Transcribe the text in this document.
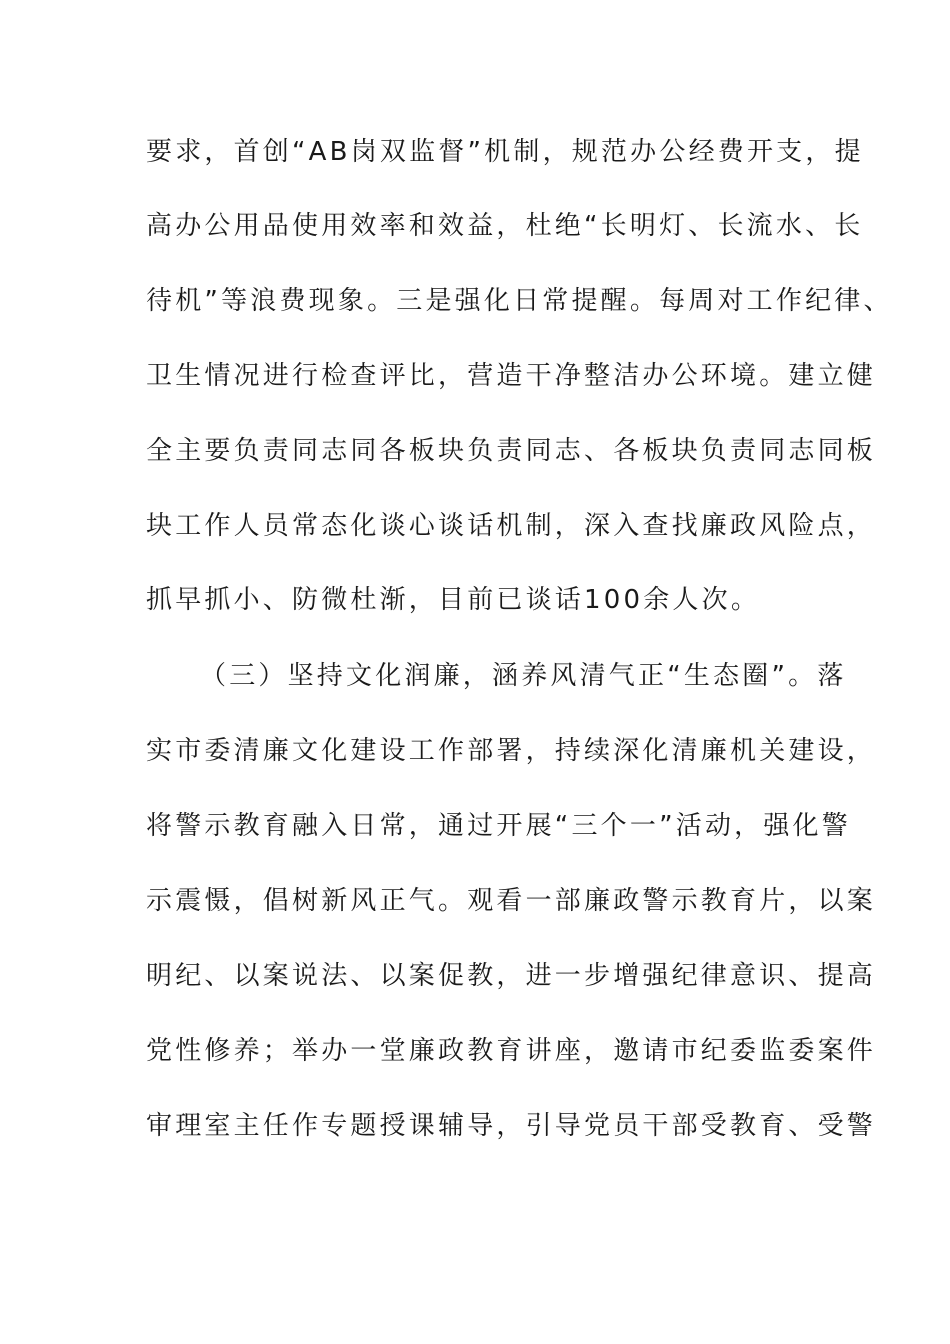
要求，首创“AB岗双监督”机制，规范办公经费开支，提
高办公用品使用效率和效益，杜绝“长明灯、长流水、长
待机”等浪费现象。三是强化日常提醒。每周对工作纪律、
卫生情况进行检查评比，营造干净整洁办公环境。建立健
全主要负责同志同各板块负责同志、各板块负责同志同板
块工作人员常态化谈心谈话机制，深入查找廉政风险点，
抓早抓小、防微杜渐，目前已谈话100余人次。
（三）坚持文化润廉，涵养风清气正“生态圈”。落
实市委清廉文化建设工作部署，持续深化清廉机关建设，
将警示教育融入日常，通过开展“三个一”活动，强化警
示震慑，倡树新风正气。观看一部廉政警示教育片，以案
明纪、以案说法、以案促教，进一步增强纪律意识、提高
党性修养；举办一堂廉政教育讲座，邀请市纪委监委案件
审理室主任作专题授课辅导，引导党员干部受教育、受警
